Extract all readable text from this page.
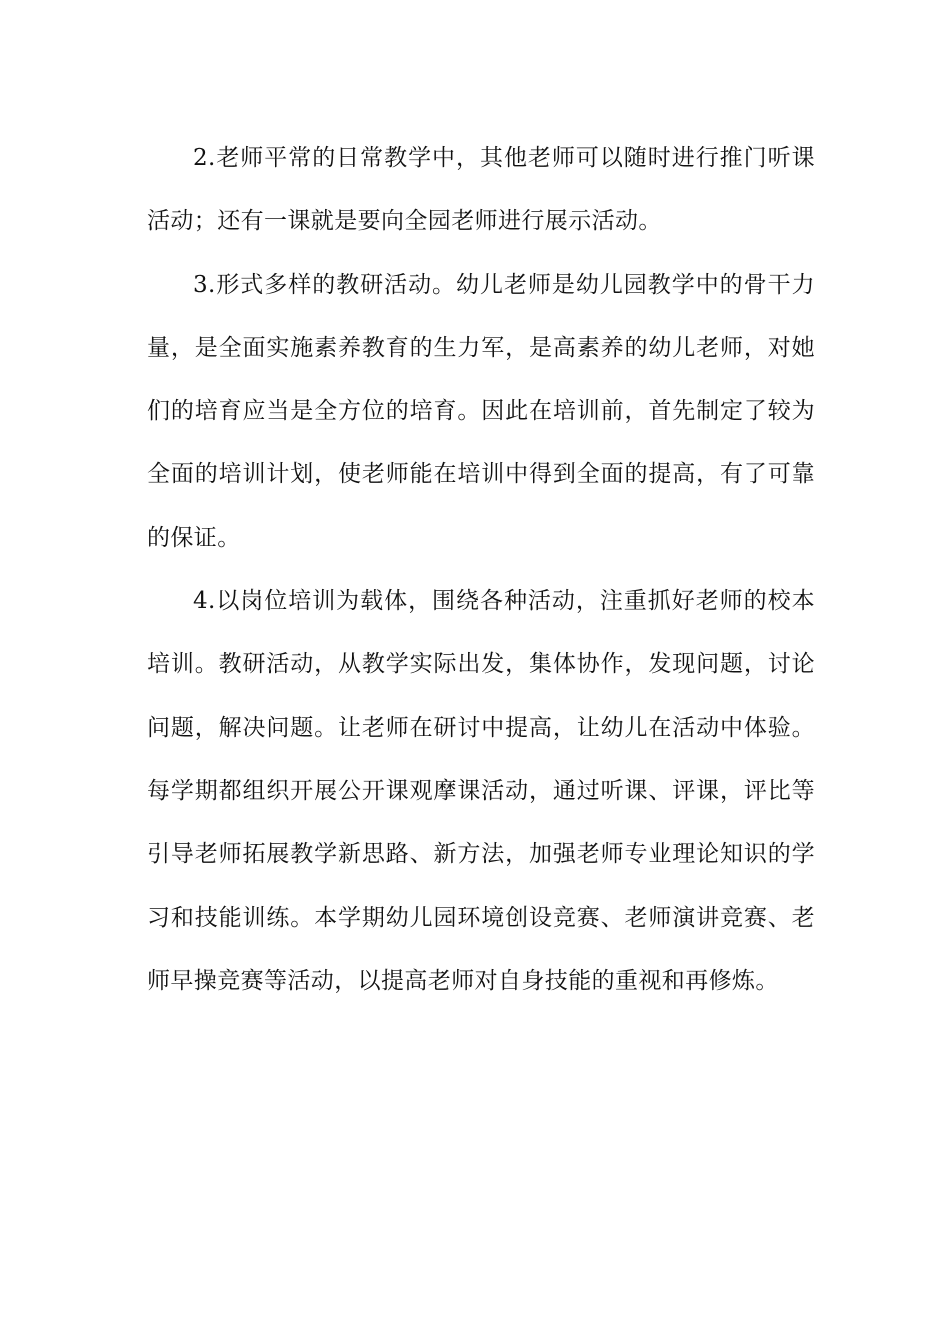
2.老师平常的日常教学中，其他老师可以随时进行推门听课活动；还有一课就是要向全园老师进行展示活动。

3.形式多样的教研活动。幼儿老师是幼儿园教学中的骨干力量，是全面实施素养教育的生力军，是高素养的幼儿老师，对她们的培育应当是全方位的培育。因此在培训前，首先制定了较为全面的培训计划，使老师能在培训中得到全面的提高，有了可靠的保证。

4.以岗位培训为载体，围绕各种活动，注重抓好老师的校本培训。教研活动，从教学实际出发，集体协作，发现问题，讨论问题，解决问题。让老师在研讨中提高，让幼儿在活动中体验。每学期都组织开展公开课观摩课活动，通过听课、评课，评比等引导老师拓展教学新思路、新方法，加强老师专业理论知识的学习和技能训练。本学期幼儿园环境创设竞赛、老师演讲竞赛、老师早操竞赛等活动，以提高老师对自身技能的重视和再修炼。
